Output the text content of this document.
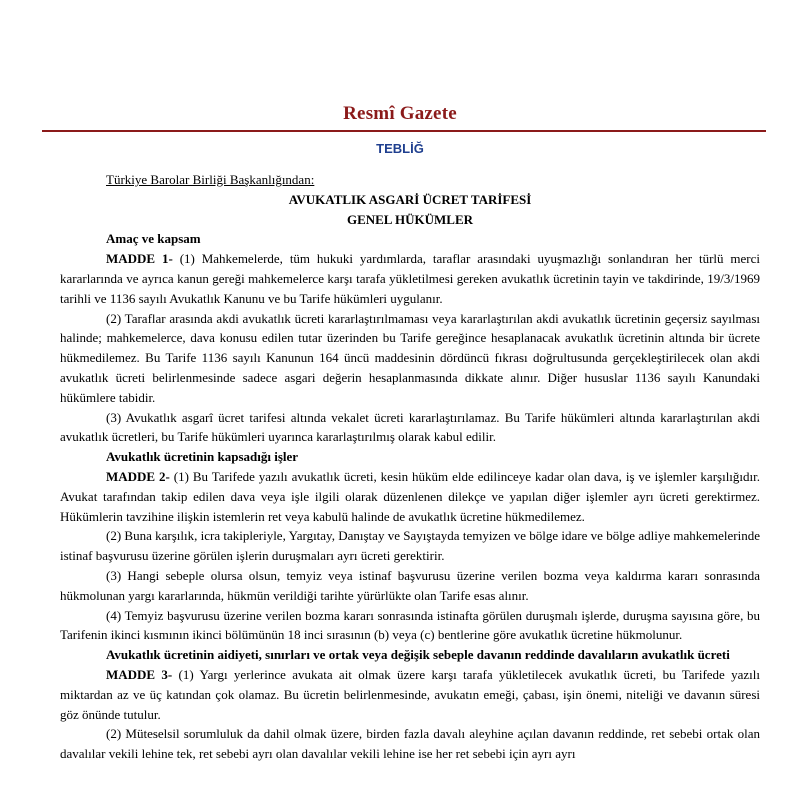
Resmî Gazete
TEBLİĞ

Türkiye Barolar Birliği Başkanlığından:

AVUKATLIK ASGARİ ÜCRET TARİFESİ

GENEL HÜKÜMLER

Amaç ve kapsam

MADDE 1- (1) Mahkemelerde, tüm hukuki yardımlarda, taraflar arasındaki uyuşmazlığı sonlandıran her türlü merci kararlarında ve ayrıca kanun gereği mahkemelerce karşı tarafa yükletilmesi gereken avukatlık ücretinin tayin ve takdirinde, 19/3/1969 tarihli ve 1136 sayılı Avukatlık Kanunu ve bu Tarife hükümleri uygulanır.

(2) Taraflar arasında akdi avukatlık ücreti kararlaştırılmaması veya kararlaştırılan akdi avukatlık ücretinin geçersiz sayılması halinde; mahkemelerce, dava konusu edilen tutar üzerinden bu Tarife gereğince hesaplanacak avukatlık ücretinin altında bir ücrete hükmedilemez. Bu Tarife 1136 sayılı Kanunun 164 üncü maddesinin dördüncü fıkrası doğrultusunda gerçekleştirilecek olan akdi avukatlık ücreti belirlenmesinde sadece asgari değerin hesaplanmasında dikkate alınır. Diğer hususlar 1136 sayılı Kanundaki hükümlere tabidir.

(3) Avukatlık asgarî ücret tarifesi altında vekalet ücreti kararlaştırılamaz. Bu Tarife hükümleri altında kararlaştırılan akdi avukatlık ücretleri, bu Tarife hükümleri uyarınca kararlaştırılmış olarak kabul edilir.

Avukatlık ücretinin kapsadığı işler

MADDE 2- (1) Bu Tarifede yazılı avukatlık ücreti, kesin hüküm elde edilinceye kadar olan dava, iş ve işlemler karşılığıdır. Avukat tarafından takip edilen dava veya işle ilgili olarak düzenlenen dilekçe ve yapılan diğer işlemler ayrı ücreti gerektirmez. Hükümlerin tavzihine ilişkin istemlerin ret veya kabulü halinde de avukatlık ücretine hükmedilemez.

(2) Buna karşılık, icra takipleriyle, Yargıtay, Danıştay ve Sayıştayda temyizen ve bölge idare ve bölge adliye mahkemelerinde istinaf başvurusu üzerine görülen işlerin duruşmaları ayrı ücreti gerektirir.

(3) Hangi sebeple olursa olsun, temyiz veya istinaf başvurusu üzerine verilen bozma veya kaldırma kararı sonrasında hükmolunan yargı kararlarında, hükmün verildiği tarihte yürürlükte olan Tarife esas alınır.

(4) Temyiz başvurusu üzerine verilen bozma kararı sonrasında istinafta görülen duruşmalı işlerde, duruşma sayısına göre, bu Tarifenin ikinci kısmının ikinci bölümünün 18 inci sırasının (b) veya (c) bentlerine göre avukatlık ücretine hükmolunur.

Avukatlık ücretinin aidiyeti, sınırları ve ortak veya değişik sebeple davanın reddinde davalıların avukatlık ücreti

MADDE 3- (1) Yargı yerlerince avukata ait olmak üzere karşı tarafa yükletilecek avukatlık ücreti, bu Tarifede yazılı miktardan az ve üç katından çok olamaz. Bu ücretin belirlenmesinde, avukatın emeği, çabası, işin önemi, niteliği ve davanın süresi göz önünde tutulur.

(2) Müteselsil sorumluluk da dahil olmak üzere, birden fazla davalı aleyhine açılan davanın reddinde, ret sebebi ortak olan davalılar vekili lehine tek, ret sebebi ayrı olan davalılar vekili lehine ise her ret sebebi için ayrı ayrı
